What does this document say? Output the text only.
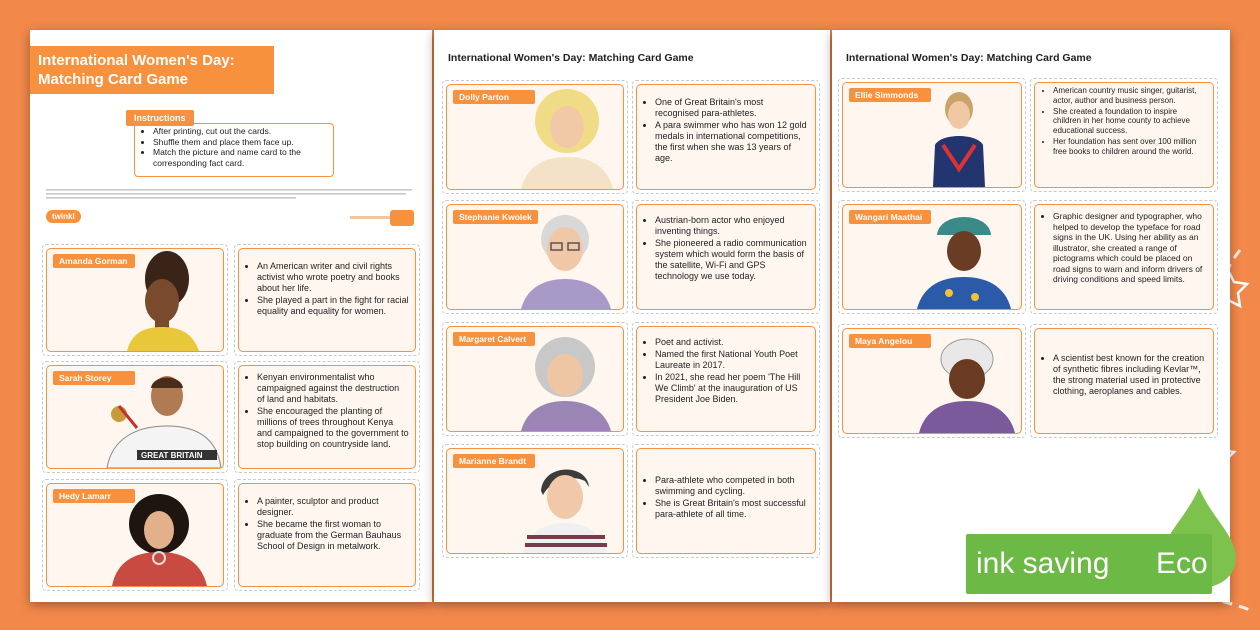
International Women's Day:
Matching Card Game
Instructions
• After printing, cut out the cards.
• Shuffle them and place them face up.
• Match the picture and name card to the corresponding fact card.
twinkl
Amanda Gorman	• An American writer and civil rights activist who wrote poetry and books about her life.
• She played a part in the fight for racial equality and equality for women.
Sarah Storey
GREAT BRITAIN
• Kenyan environmentalist who campaigned against the destruction of land and habitats.
• She encouraged the planting of millions of trees throughout Kenya and campaigned to the government to stop building on countryside land.
Hedy Lamarr	• A painter, sculptor and product designer.
• She became the first woman to graduate from the German Bauhaus School of Design in metalwork.
International Women's Day: Matching Card Game
Dolly Parton	• One of Great Britain's most recognised para-athletes.
• A para swimmer who has won 12 gold medals in international competitions, the first when she was 13 years of age.
Stephanie Kwolek	• Austrian-born actor who enjoyed inventing things.
• She pioneered a radio communication system which would form the basis of the satellite, Wi-Fi and GPS technology we use today.
Margaret Calvert	• Poet and activist.
• Named the first National Youth Poet Laureate in 2017.
• In 2021, she read her poem 'The Hill We Climb' at the inauguration of US President Joe Biden.
Marianne Brandt
• Para-athlete who competed in both swimming and cycling.
• She is Great Britain's most successful para-athlete of all time.
International Women's Day: Matching Card Game
Ellie Simmonds	• American country music singer, guitarist, actor, author and business person.
• She created a foundation to inspire children in her home county to achieve educational success.
• Her foundation has sent over 100 million free books to children around the world.
Wangari Maathai	• Graphic designer and typographer, who helped to develop the typeface for road signs in the UK. Using her ability as an illustrator, she created a range of pictograms which could be placed on road signs to warn and inform drivers of driving conditions and speed limits.
Maya Angelou
• A scientist best known for the creation of synthetic fibres including Kevlar™, the strong material used in protective clothing, aeroplanes and cables.
ink saving Eco
